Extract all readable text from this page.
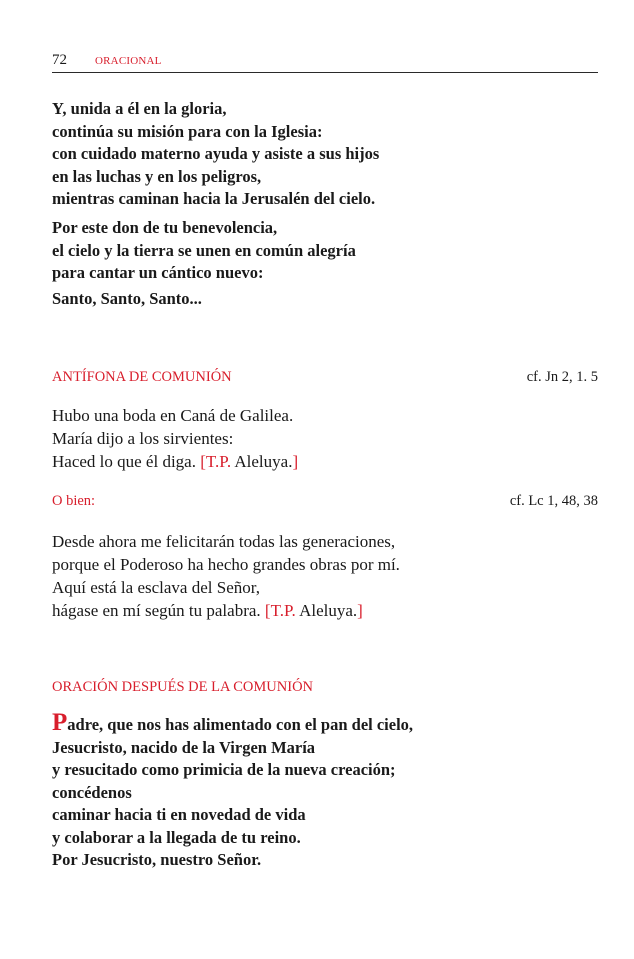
72	ORACIONAL

Y, unida a él en la gloria,
continúa su misión para con la Iglesia:
con cuidado materno ayuda y asiste a sus hijos
en las luchas y en los peligros,
mientras caminan hacia la Jerusalén del cielo.

Por este don de tu benevolencia,
el cielo y la tierra se unen en común alegría
para cantar un cántico nuevo:

Santo, Santo, Santo...

ANTÍFONA DE COMUNIÓN	cf. Jn 2, 1. 5

Hubo una boda en Caná de Galilea.
María dijo a los sirvientes:
Haced lo que él diga. [T.P. Aleluya.]

O bien:	cf. Lc 1, 48, 38

Desde ahora me felicitarán todas las generaciones,
porque el Poderoso ha hecho grandes obras por mí.
Aquí está la esclava del Señor,
hágase en mí según tu palabra. [T.P. Aleluya.]

ORACIÓN DESPUÉS DE LA COMUNIÓN

Padre, que nos has alimentado con el pan del cielo,
Jesucristo, nacido de la Virgen María
y resucitado como primicia de la nueva creación;
concédenos
caminar hacia ti en novedad de vida
y colaborar a la llegada de tu reino.
Por Jesucristo, nuestro Señor.
